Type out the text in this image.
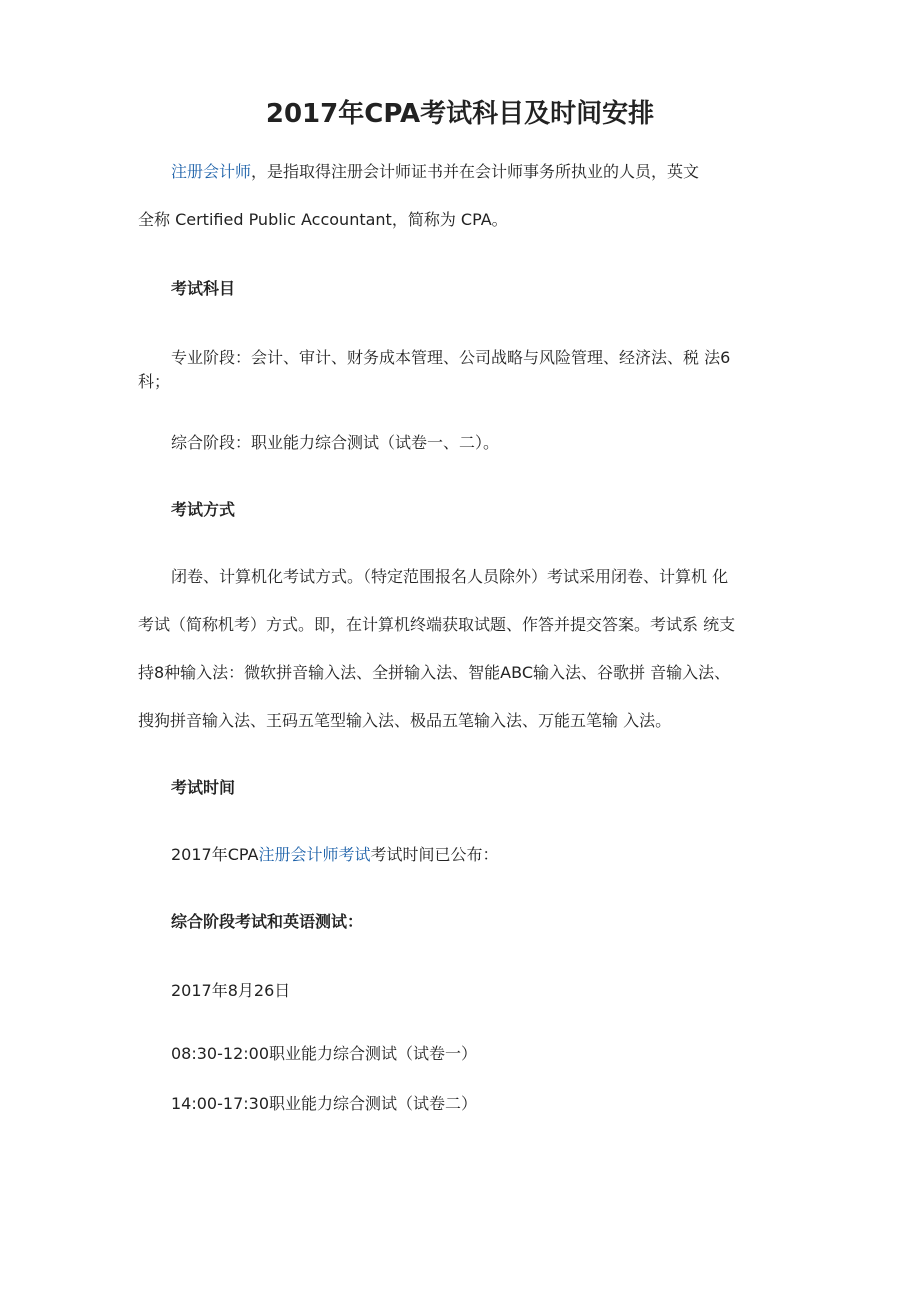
2017年CPA考试科目及时间安排
注册会计师，是指取得注册会计师证书并在会计师事务所执业的人员，英文
全称 Certified Public Accountant，简称为 CPA。
考试科目
专业阶段：会计、审计、财务成本管理、公司战略与风险管理、经济法、税 法6
科；
综合阶段：职业能力综合测试（试卷一、二）。
考试方式
闭卷、计算机化考试方式。（特定范围报名人员除外）考试采用闭卷、计算机 化
考试（简称机考）方式。即，在计算机终端获取试题、作答并提交答案。考试系 统支
持8种输入法：微软拼音输入法、全拼输入法、智能ABC输入法、谷歌拼 音输入法、
搜狗拼音输入法、王码五笔型输入法、极品五笔输入法、万能五笔输 入法。
考试时间
2017年CPA注册会计师考试考试时间已公布：
综合阶段考试和英语测试：
2017年8月26日
08:30-12:00职业能力综合测试（试卷一）
14:00-17:30职业能力综合测试（试卷二）
